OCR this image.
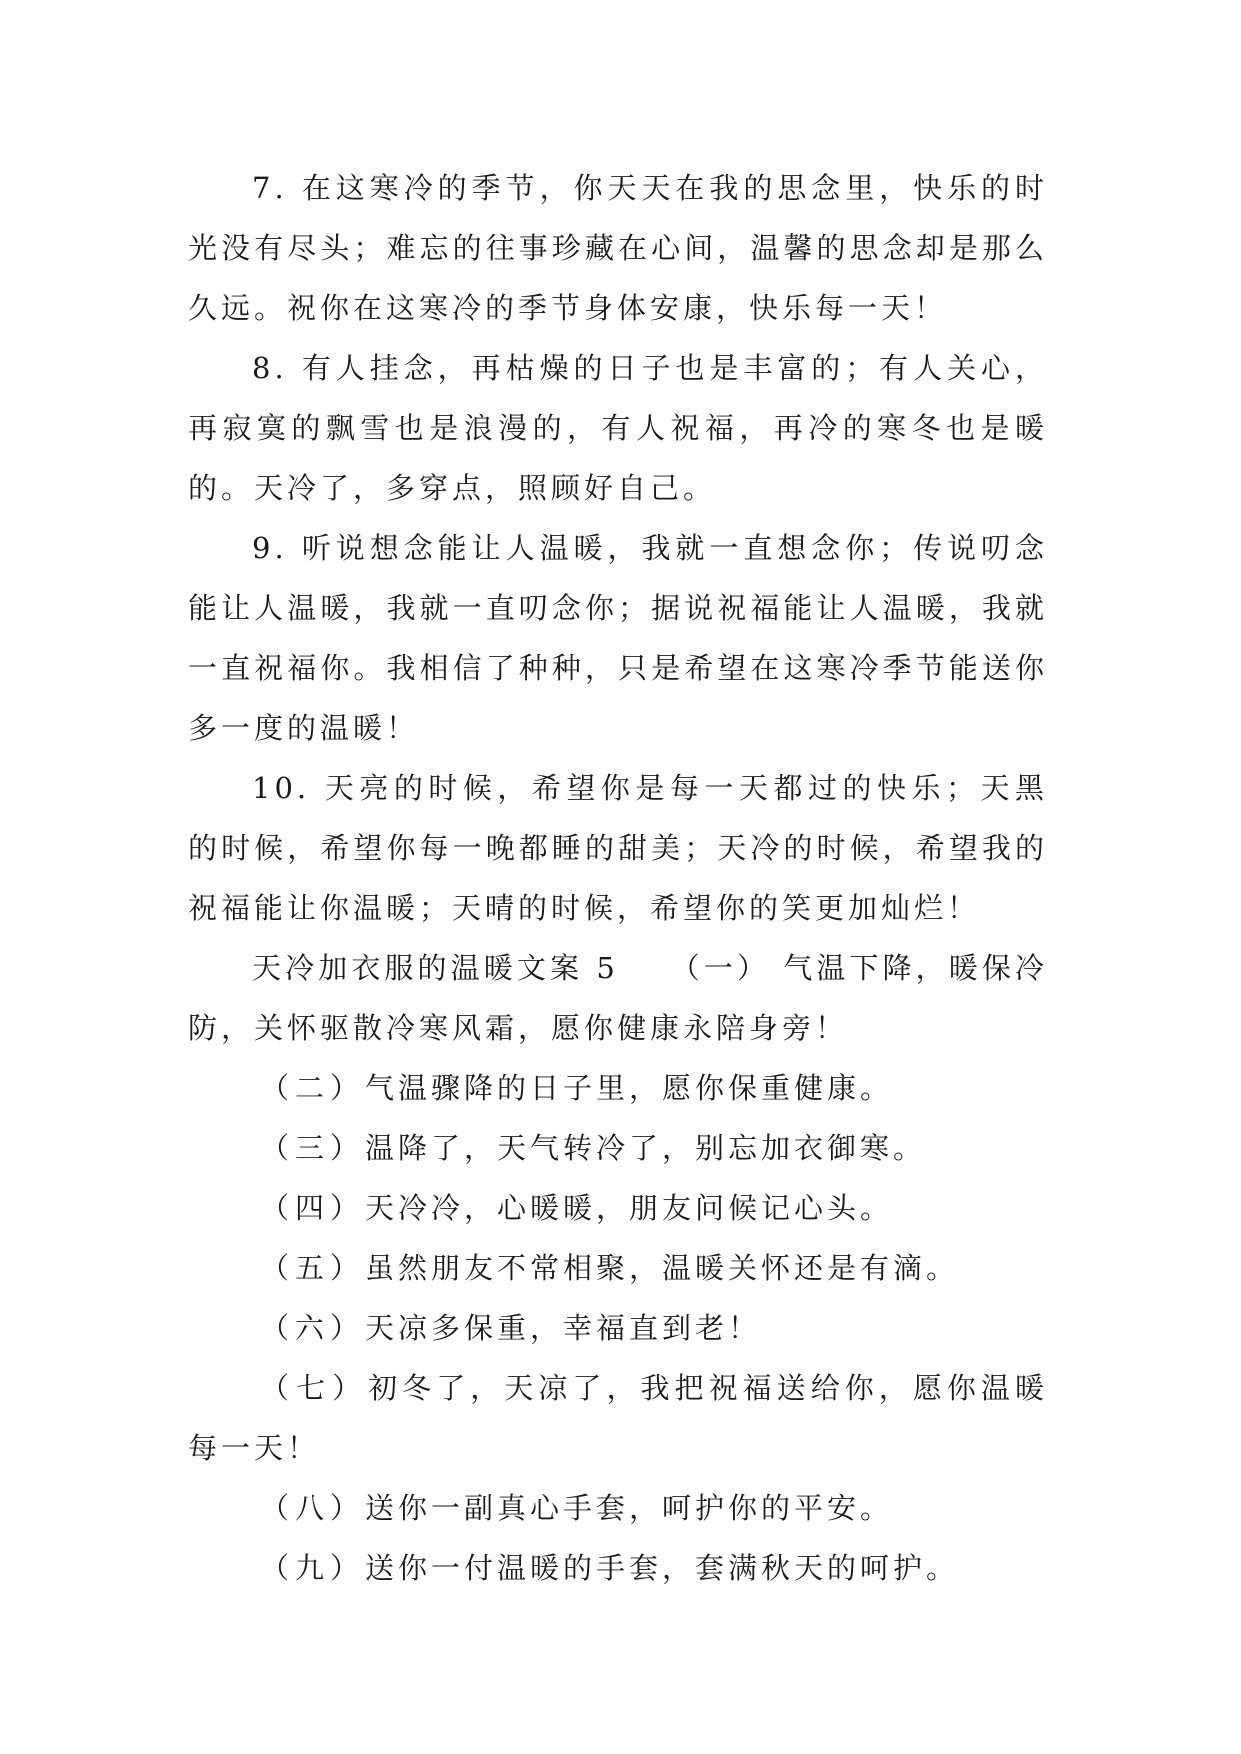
7. 在这寒冷的季节，你天天在我的思念里，快乐的时光没有尽头；难忘的往事珍藏在心间，温馨的思念却是那么久远。祝你在这寒冷的季节身体安康，快乐每一天！

8. 有人挂念，再枯燥的日子也是丰富的；有人关心，再寂寞的飘雪也是浪漫的，有人祝福，再冷的寒冬也是暖的。天冷了，多穿点，照顾好自己。

9. 听说想念能让人温暖，我就一直想念你；传说叨念能让人温暖，我就一直叨念你；据说祝福能让人温暖，我就一直祝福你。我相信了种种，只是希望在这寒冷季节能送你多一度的温暖！

10. 天亮的时候，希望你是每一天都过的快乐；天黑的时候，希望你每一晚都睡的甜美；天冷的时候，希望我的祝福能让你温暖；天晴的时候，希望你的笑更加灿烂！

天冷加衣服的温暖文案 5　　（一） 气温下降，暖保冷防，关怀驱散冷寒风霜，愿你健康永陪身旁！

（二）气温骤降的日子里，愿你保重健康。

（三）温降了，天气转冷了，别忘加衣御寒。

（四）天冷冷，心暖暖，朋友问候记心头。

（五）虽然朋友不常相聚，温暖关怀还是有滴。

（六）天凉多保重，幸福直到老！

（七）初冬了，天凉了，我把祝福送给你，愿你温暖每一天！

（八）送你一副真心手套，呵护你的平安。

（九）送你一付温暖的手套，套满秋天的呵护。
